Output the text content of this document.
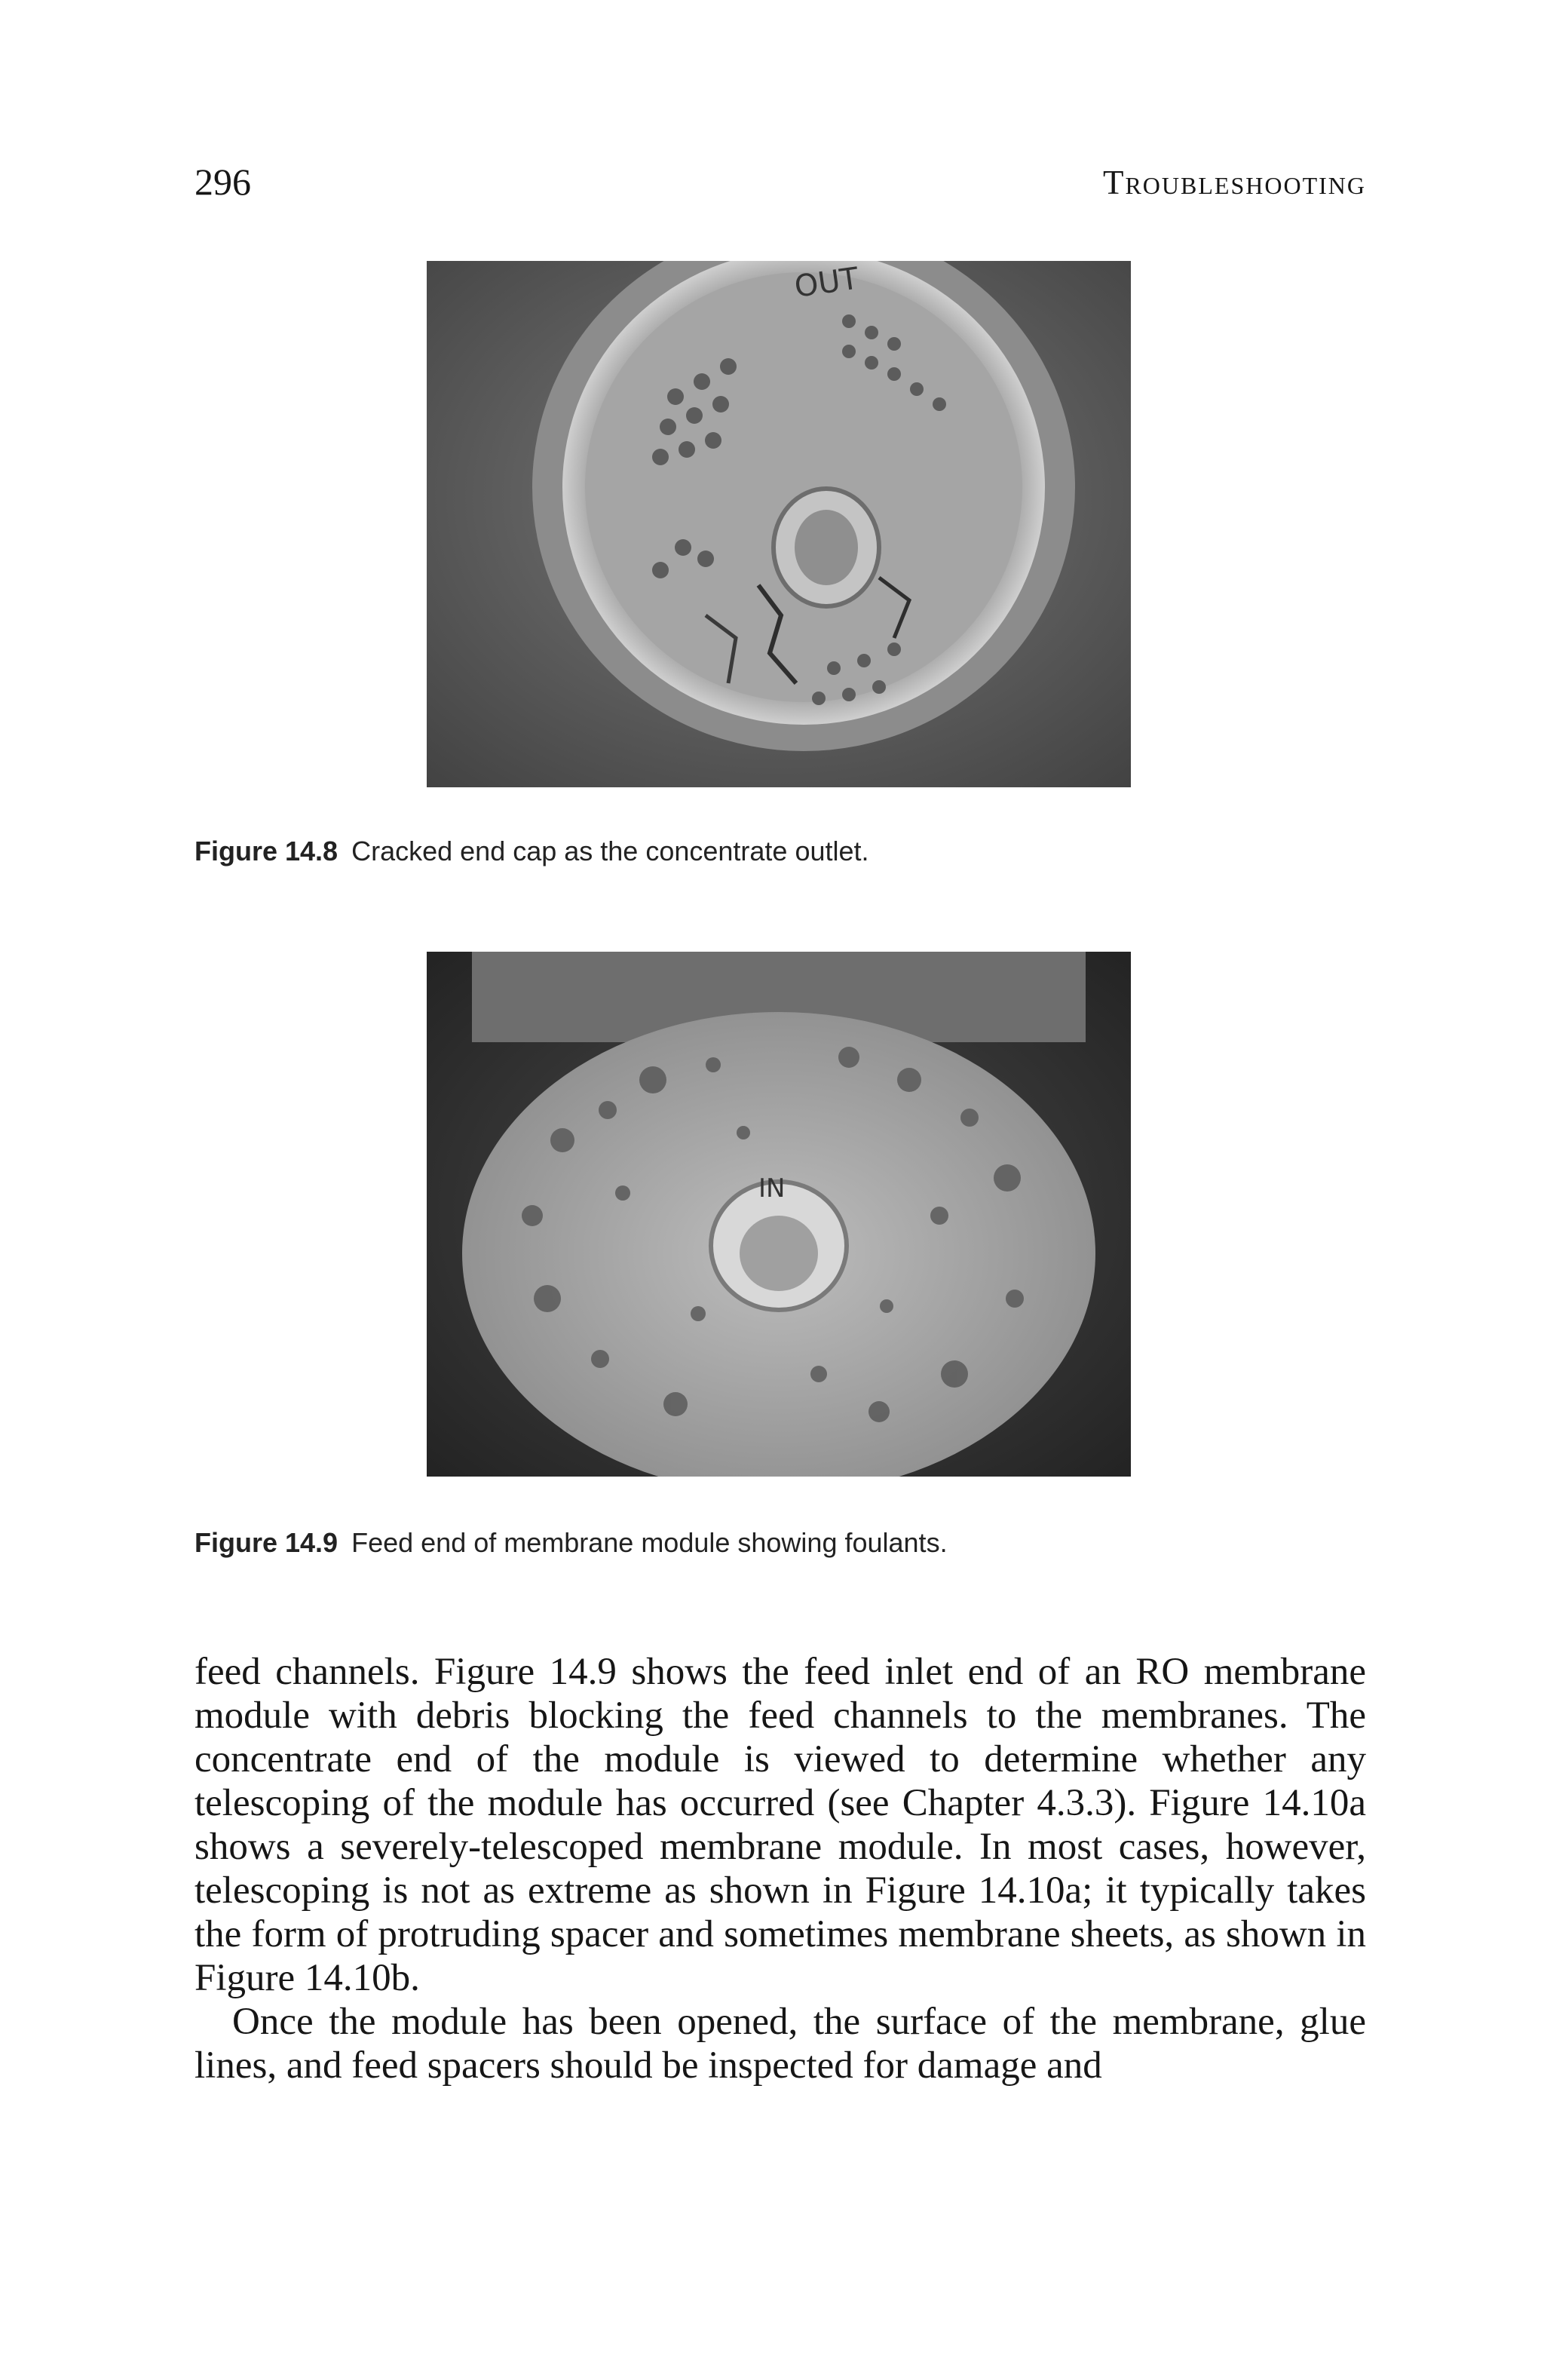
296	Troubleshooting
OUT
Figure 14.8 Cracked end cap as the concentrate outlet.
IN
Figure 14.9 Feed end of membrane module showing foulants.

feed channels. Figure 14.9 shows the feed inlet end of an RO membrane module with debris blocking the feed channels to the membranes. The concentrate end of the module is viewed to determine whether any telescoping of the module has occurred (see Chapter 4.3.3). Figure 14.10a shows a severely-telescoped membrane module. In most cases, however, telescoping is not as extreme as shown in Figure 14.10a; it typically takes the form of protruding spacer and sometimes membrane sheets, as shown in Figure 14.10b.

Once the module has been opened, the surface of the membrane, glue lines, and feed spacers should be inspected for damage and
